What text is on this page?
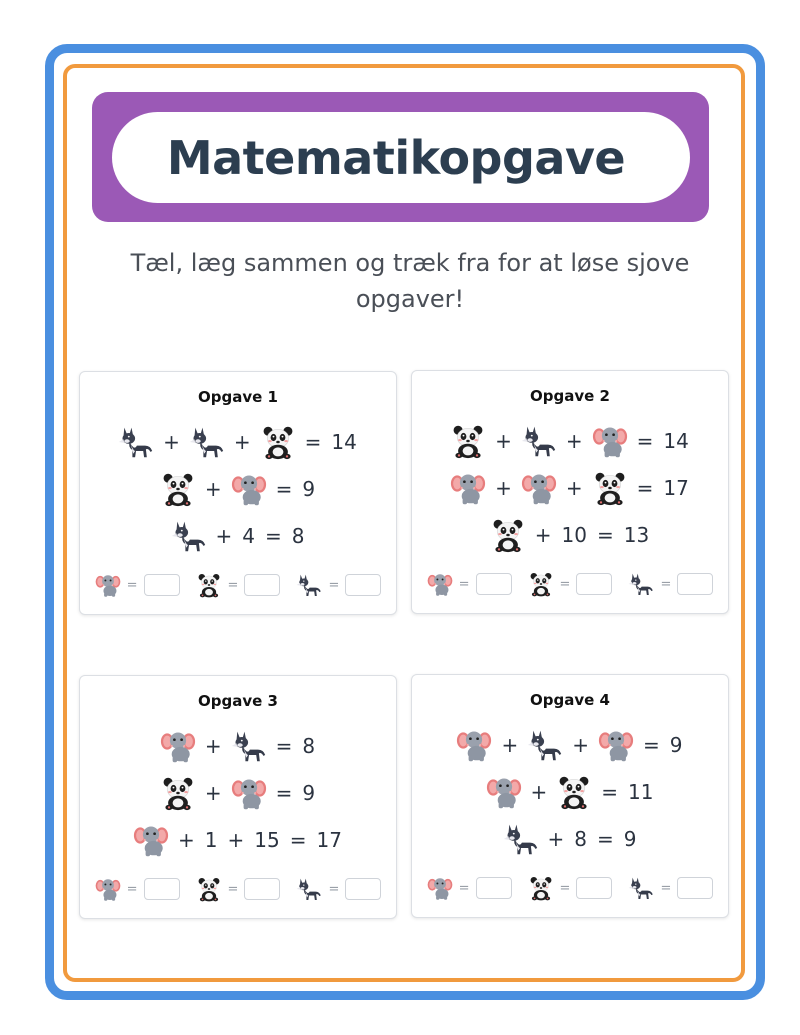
Matematikopgave
Tæl, læg sammen og træk fra for at løse sjove opgaver!
Opgave 1
+	+	= 14
+	= 9
+ 4 = 8
=	=	=
Opgave 2
+	+	= 14
+	+	= 17
+ 10 = 13
=	=	=
Opgave 3
+	= 8
+	= 9
+ 1 + 15 = 17
=	=	=
Opgave 4
+	+	= 9
+	= 11
+ 8 = 9
=	=	=
